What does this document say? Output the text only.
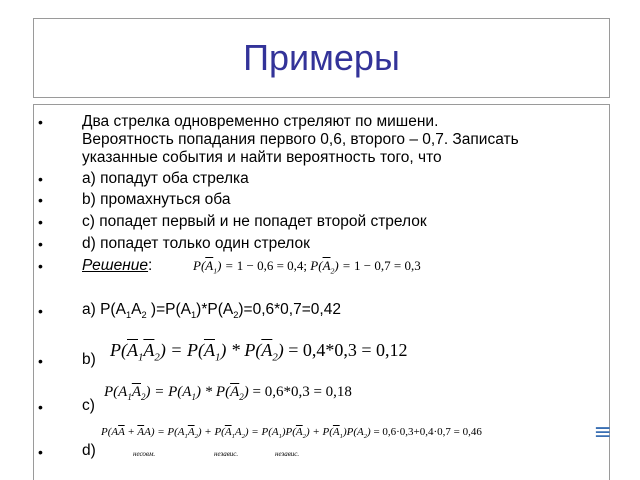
Примеры
•	Два стрелка одновременно стреляют по мишени.
Вероятность попадания первого 0,6, второго – 0,7. Записать
указанные события и найти вероятность того, что
•	a) попадут оба стрелка
•	b) промахнуться оба
•	c) попадет первый и не попадет второй стрелок
•	d) попадет только один стрелок
•	Решение:	$P(\overline{A}_1) = 1 - 0,6 = 0,4$; $P(\overline{A}_2) = 1 - 0,7 = 0,3$
•	a) $P(A_1A_2$ )$=P(A_1)*P(A_2)=0,6*0,7=0,42$
•	b) $P(\overline{A}_1\overline{A}_2) = P(\overline{A}_1) * P(\overline{A}_2) = 0,4*0,3 = 0,12$
•	c)
$P(A_1\overline{A}_2) = P(A_1) * P(\overline{A}_2) = 0,6*0,3 = 0,18$
•	d)
$P(A\overline{A} + \overline{A}A) = P(A_1\overline{A}_2) + P(\overline{A}_1A_2) = P(A_1)P(\overline{A}_2) + P(\overline{A}_1)P(A_2) = 0,6\cdot 0,3+0,4\cdot 0,7 = 0,46$
несовм.	независ.	независ.
≡
